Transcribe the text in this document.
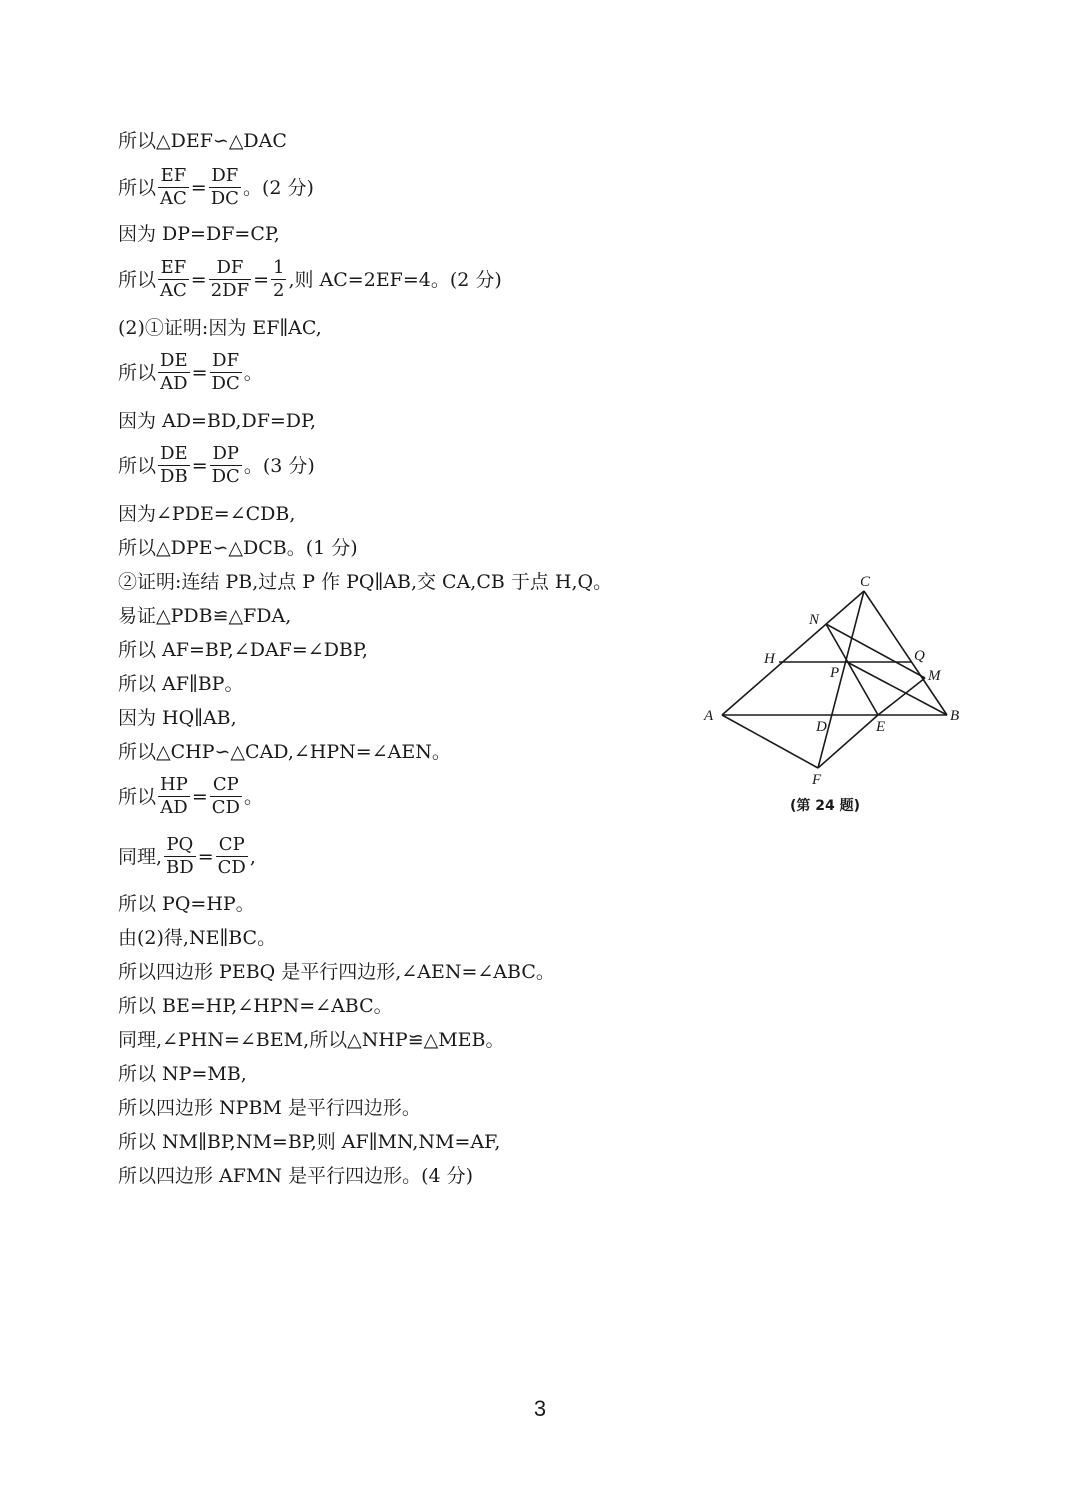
所以△DEF∽△DAC
所以 $\frac{EF}{AC} = \frac{DF}{DC}$ 。(2 分)
因为 DP=DF=CP,
所以 $\frac{EF}{AC} = \frac{DF}{2DF} = \frac{1}{2}$ ,则 AC=2EF=4。(2 分)
(2)①证明:因为 EF∥AC,
所以 $\frac{DE}{AD} = \frac{DF}{DC}$ 。
因为 AD=BD,DF=DP,
所以 $\frac{DE}{DB} = \frac{DP}{DC}$ 。(3 分)
因为∠PDE=∠CDB,
所以△DPE∽△DCB。(1 分)
②证明:连结 PB,过点 P 作 PQ∥AB,交 CA,CB 于点 H,Q。
易证△PDB≌△FDA,
所以 AF=BP,∠DAF=∠DBP,
所以 AF∥BP。
因为 HQ∥AB,
所以△CHP∽△CAD,∠HPN=∠AEN。
所以 $\frac{HP}{AD} = \frac{CP}{CD}$ 。
同理, $\frac{PQ}{BD} = \frac{CP}{CD}$ ,
所以 PQ=HP。
由(2)得,NE∥BC。
所以四边形 PEBQ 是平行四边形,∠AEN=∠ABC。
所以 BE=HP,∠HPN=∠ABC。
同理,∠PHN=∠BEM,所以△NHP≌△MEB。
所以 NP=MB,
所以四边形 NPBM 是平行四边形。
所以 NM∥BP,NM=BP,则 AF∥MN,NM=AF,
所以四边形 AFMN 是平行四边形。(4 分)
C
N
H	Q
P	M
A
D	E
B
F
(第 24 题)
3
